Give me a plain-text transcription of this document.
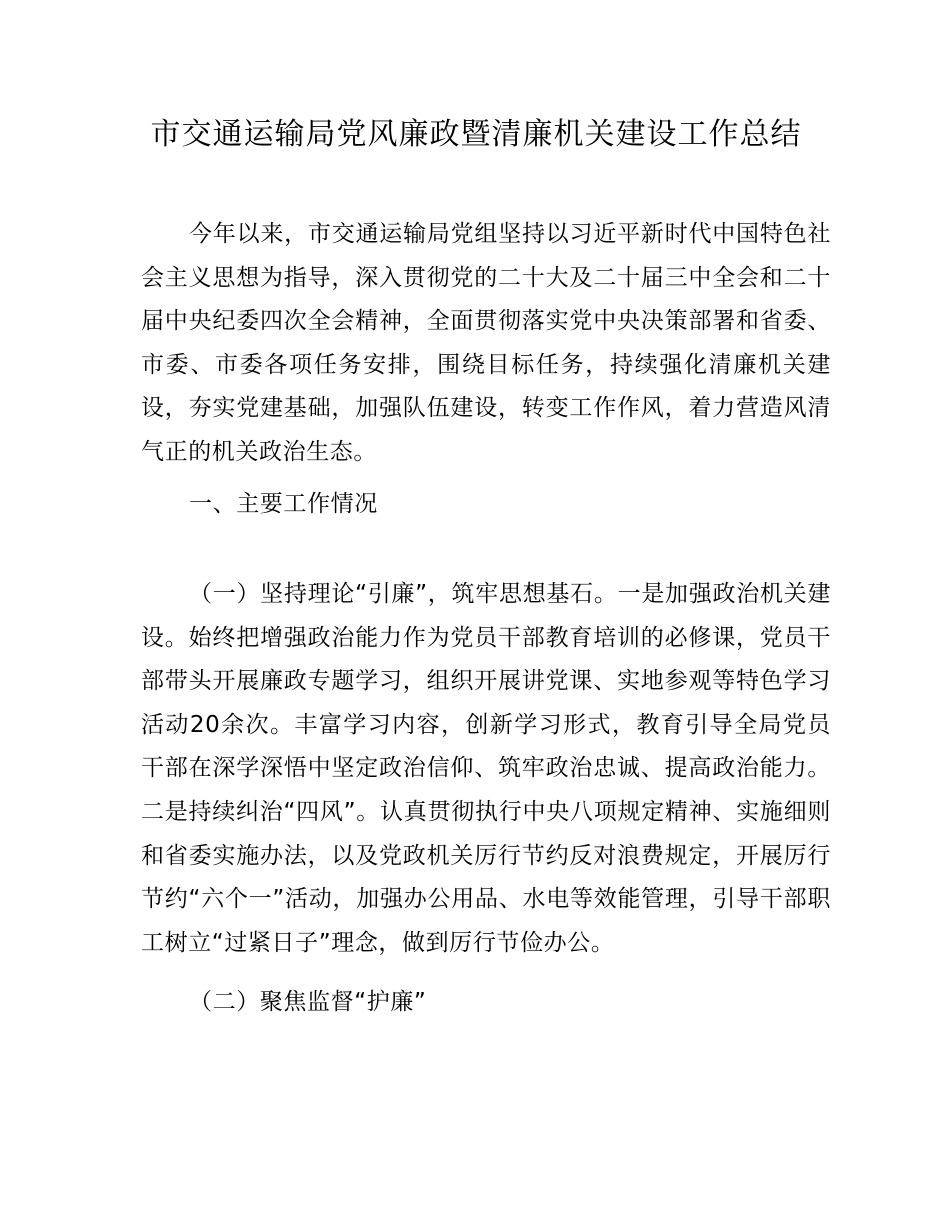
市交通运输局党风廉政暨清廉机关建设工作总结

今年以来，市交通运输局党组坚持以习近平新时代中国特色社会主义思想为指导，深入贯彻党的二十大及二十届三中全会和二十届中央纪委四次全会精神，全面贯彻落实党中央决策部署和省委、市委、市委各项任务安排，围绕目标任务，持续强化清廉机关建设，夯实党建基础，加强队伍建设，转变工作作风，着力营造风清气正的机关政治生态。

一、主要工作情况

（一）坚持理论“引廉”，筑牢思想基石。一是加强政治机关建设。始终把增强政治能力作为党员干部教育培训的必修课，党员干部带头开展廉政专题学习，组织开展讲党课、实地参观等特色学习活动20余次。丰富学习内容，创新学习形式，教育引导全局党员干部在深学深悟中坚定政治信仰、筑牢政治忠诚、提高政治能力。二是持续纠治“四风”。认真贯彻执行中央八项规定精神、实施细则和省委实施办法，以及党政机关厉行节约反对浪费规定，开展厉行节约“六个一”活动，加强办公用品、水电等效能管理，引导干部职工树立“过紧日子”理念，做到厉行节俭办公。

（二）聚焦监督“护廉”
